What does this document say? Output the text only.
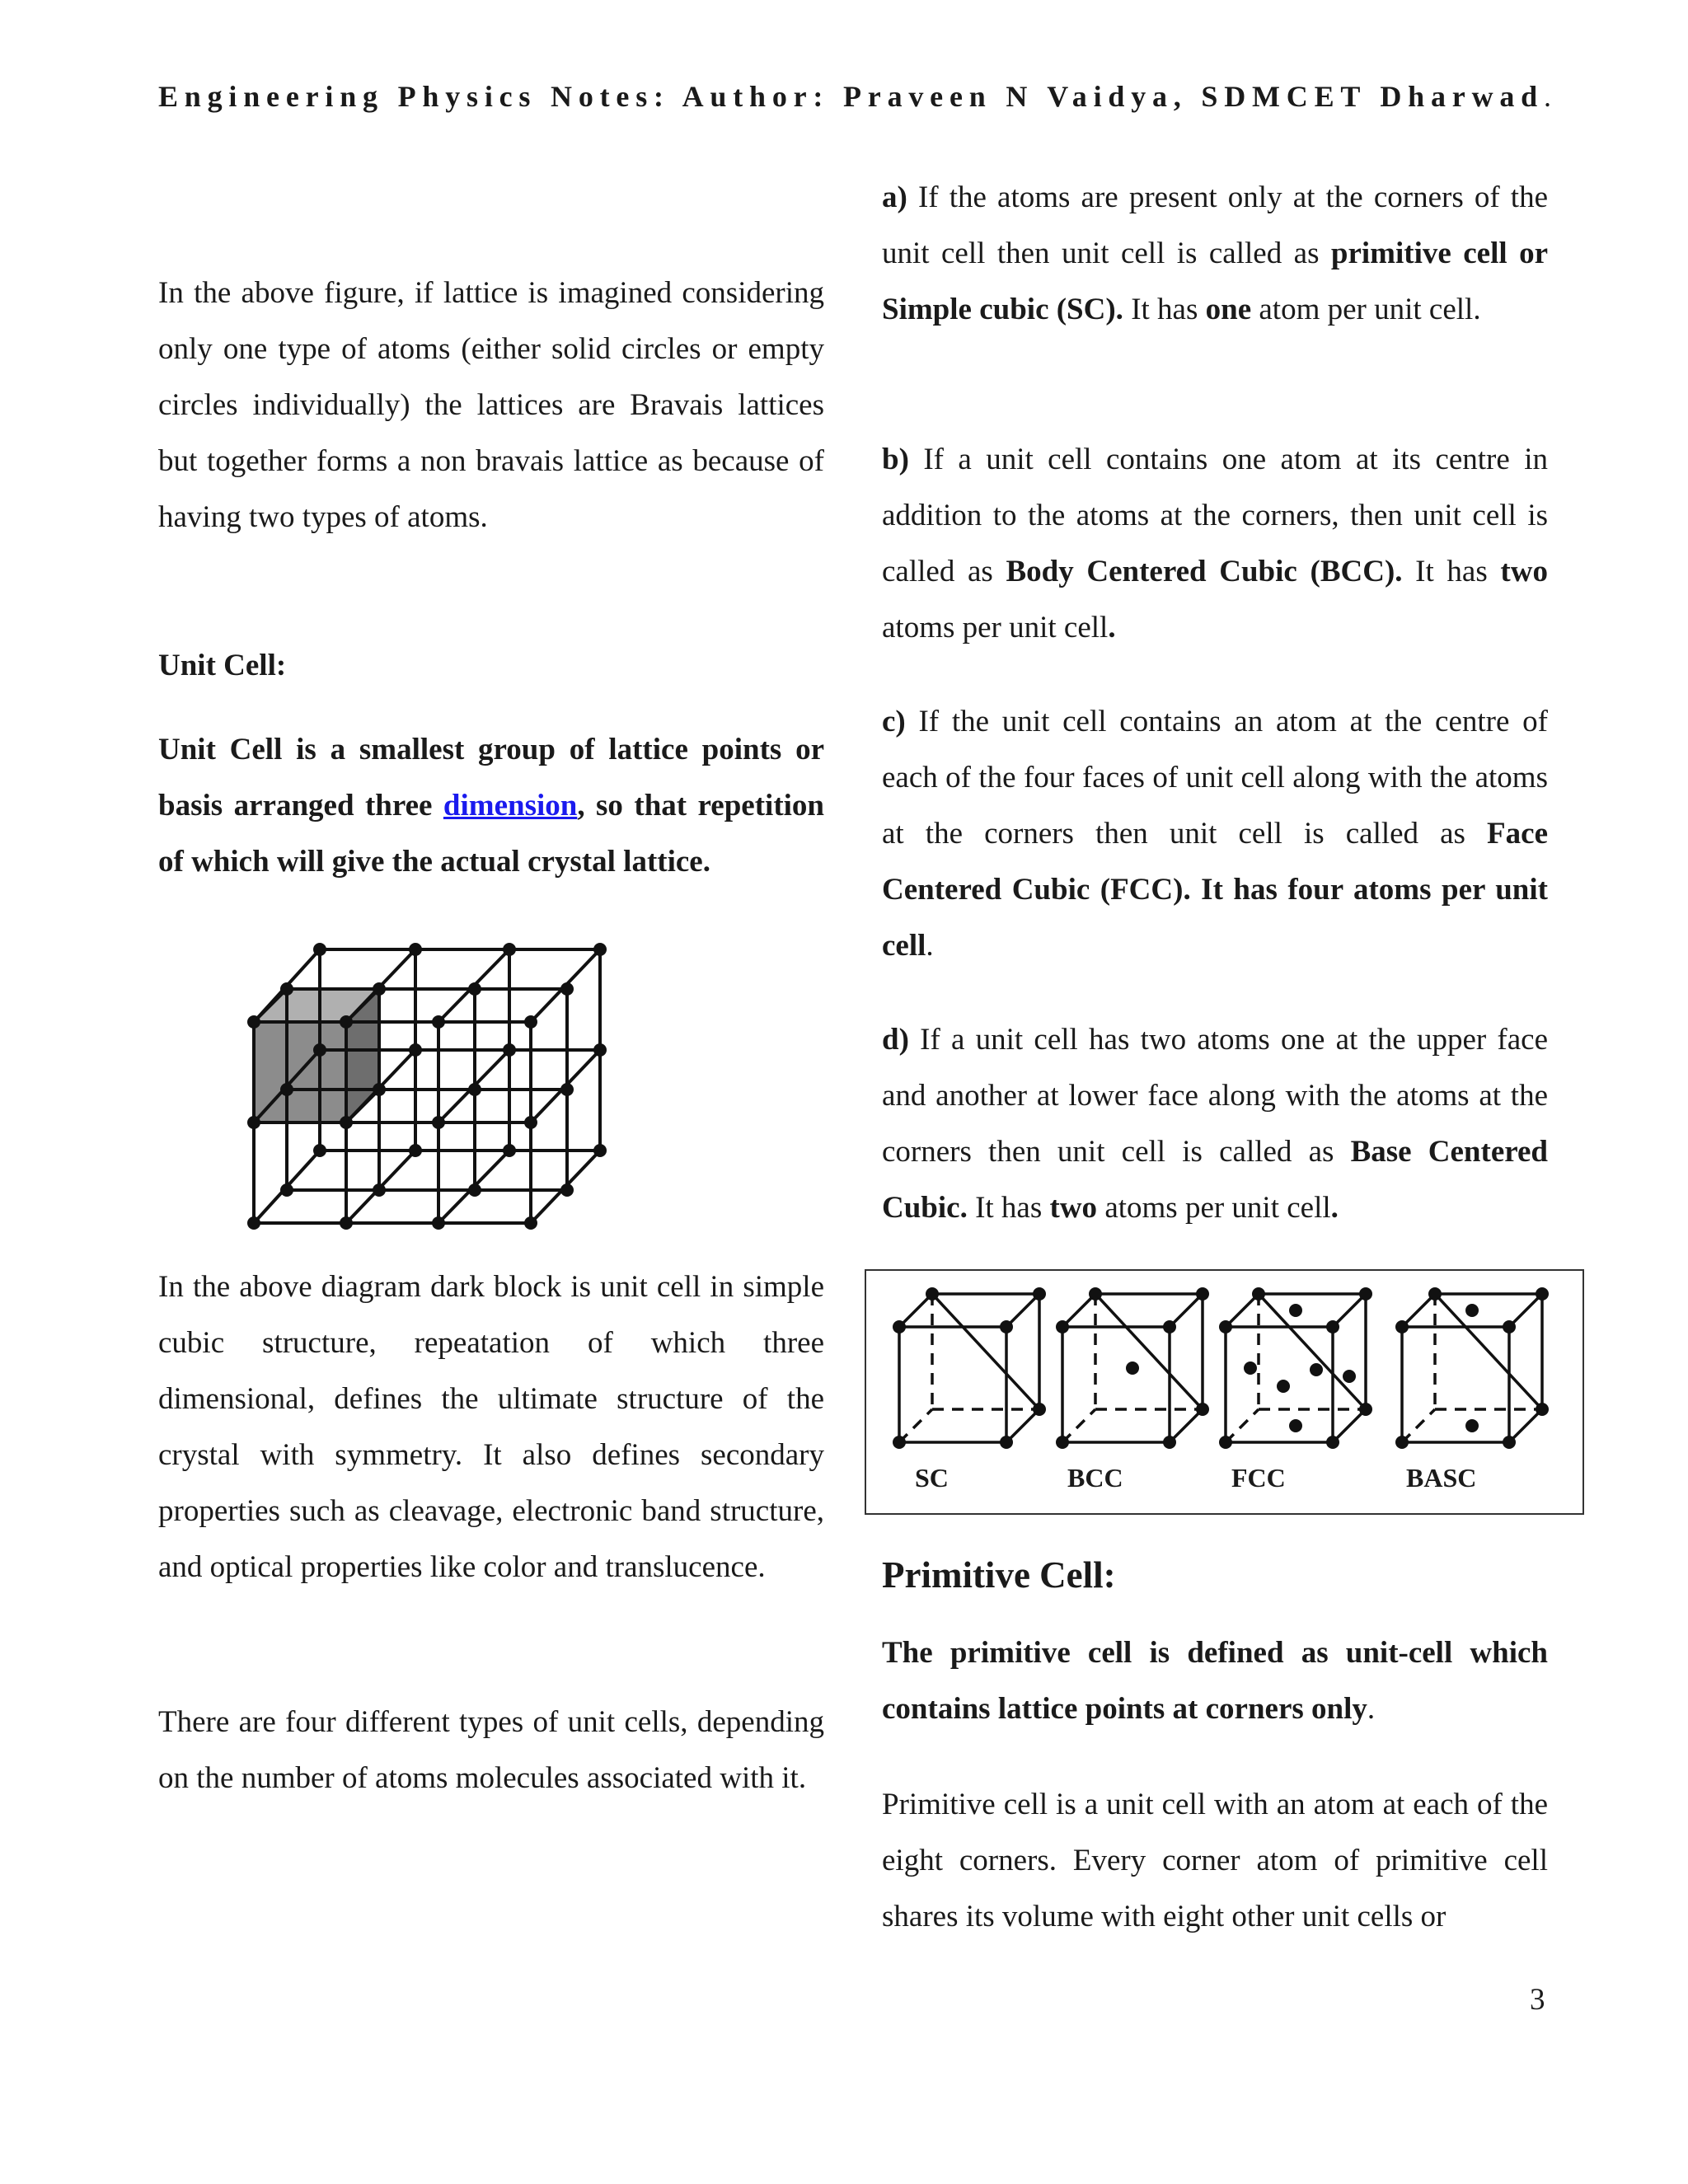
Engineering Physics Notes: Author: Praveen N Vaidya, SDMCET Dharwad.

In the above figure, if lattice is imagined considering only one type of atoms (either solid circles or empty circles individually) the lattices are Bravais lattices but together forms a non bravais lattice as because of having two types of atoms.

Unit Cell:

Unit Cell is a smallest group of lattice points or basis arranged three dimension, so that repetition of which will give the actual crystal lattice.

In the above diagram dark block is unit cell in simple cubic structure, repeatation of which three dimensional, defines the ultimate structure of the crystal with symmetry. It also defines secondary properties such as cleavage, electronic band structure, and optical properties like color and translucence.

There are four different types of unit cells, depending on the number of atoms molecules associated with it.

a) If the atoms are present only at the corners of the unit cell then unit cell is called as primitive cell or Simple cubic (SC). It has one atom per unit cell.

b) If a unit cell contains one atom at its centre in addition to the atoms at the corners, then unit cell is called as Body Centered Cubic (BCC). It has two atoms per unit cell.

c) If the unit cell contains an atom at the centre of each of the four faces of unit cell along with the atoms at the corners then unit cell is called as Face Centered Cubic (FCC). It has four atoms per unit cell.

d) If a unit cell has two atoms one at the upper face and another at lower face along with the atoms at the corners then unit cell is called as Base Centered Cubic. It has two atoms per unit cell.

SC	BCC	FCC	BASC

Primitive Cell:

The primitive cell is defined as unit-cell which contains lattice points at corners only.

Primitive cell is a unit cell with an atom at each of the eight corners. Every corner atom of primitive cell shares its volume with eight other unit cells or

3
